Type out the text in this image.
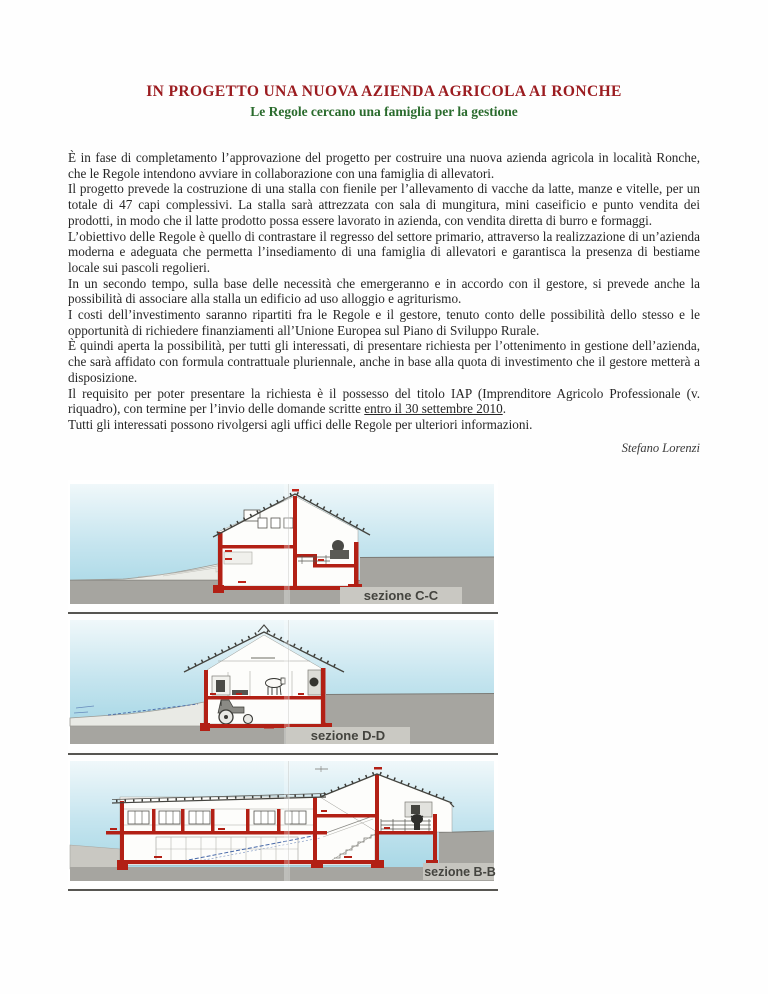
IN PROGETTO UNA NUOVA AZIENDA AGRICOLA AI RONCHE
Le Regole cercano una famiglia per la gestione

È in fase di completamento l’approvazione del progetto per costruire una nuova azienda agricola in località Ronche, che le Regole intendono avviare in collaborazione con una famiglia di allevatori.

Il progetto prevede la costruzione di una stalla con fienile per l’allevamento di vacche da latte, manze e vitelle, per un totale di 47 capi complessivi. La stalla sarà attrezzata con sala di mungitura, mini caseificio e punto vendita dei prodotti, in modo che il latte prodotto possa essere lavorato in azienda, con vendita diretta di burro e formaggi.

L’obiettivo delle Regole è quello di contrastare il regresso del settore primario, attraverso la realizzazione di un’azienda moderna e adeguata che permetta l’insediamento di una famiglia di allevatori e garantisca la presenza di bestiame locale sui pascoli regolieri.

In un secondo tempo, sulla base delle necessità che emergeranno e in accordo con il gestore, si prevede anche la possibilità di associare alla stalla un edificio ad uso alloggio e agriturismo.

I costi dell’investimento saranno ripartiti fra le Regole e il gestore, tenuto conto delle possibilità dello stesso e le opportunità di richiedere finanziamenti all’Unione Europea sul Piano di Sviluppo Rurale.

È quindi aperta la possibilità, per tutti gli interessati, di presentare richiesta per l’ottenimento in gestione dell’azienda, che sarà affidato con formula contrattuale pluriennale, anche in base alla quota di investimento che il gestore metterà a disposizione.

Il requisito per poter presentare la richiesta è il possesso del titolo IAP (Imprenditore Agricolo Professionale (v. riquadro), con termine per l’invio delle domande scritte entro il 30 settembre 2010.

Tutti gli interessati possono rivolgersi agli uffici delle Regole per ulteriori informazioni.

Stefano Lorenzi
sezione C-C
sezione D-D
sezione B-B
